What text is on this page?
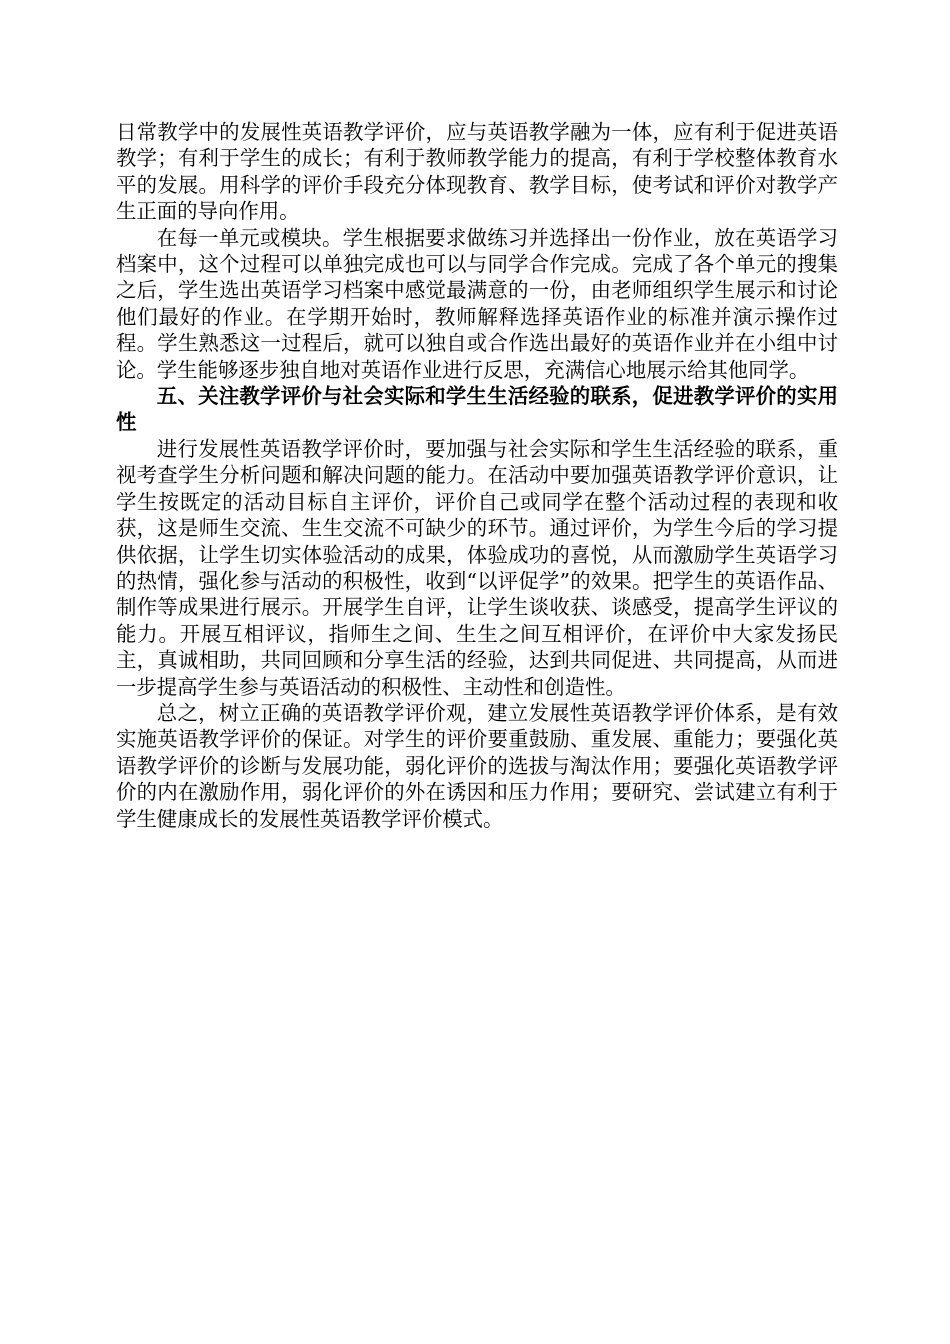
日常教学中的发展性英语教学评价，应与英语教学融为一体，应有利于促进英语教学；有利于学生的成长；有利于教师教学能力的提高，有利于学校整体教育水平的发展。用科学的评价手段充分体现教育、教学目标，使考试和评价对教学产生正面的导向作用。

在每一单元或模块。学生根据要求做练习并选择出一份作业，放在英语学习档案中，这个过程可以单独完成也可以与同学合作完成。完成了各个单元的搜集之后，学生选出英语学习档案中感觉最满意的一份，由老师组织学生展示和讨论他们最好的作业。在学期开始时，教师解释选择英语作业的标准并演示操作过程。学生熟悉这一过程后，就可以独自或合作选出最好的英语作业并在小组中讨论。学生能够逐步独自地对英语作业进行反思，充满信心地展示给其他同学。

五、关注教学评价与社会实际和学生生活经验的联系，促进教学评价的实用性

进行发展性英语教学评价时，要加强与社会实际和学生生活经验的联系，重视考查学生分析问题和解决问题的能力。在活动中要加强英语教学评价意识，让学生按既定的活动目标自主评价，评价自己或同学在整个活动过程的表现和收获，这是师生交流、生生交流不可缺少的环节。通过评价，为学生今后的学习提供依据，让学生切实体验活动的成果，体验成功的喜悦，从而激励学生英语学习的热情，强化参与活动的积极性，收到“以评促学”的效果。把学生的英语作品、制作等成果进行展示。开展学生自评，让学生谈收获、谈感受，提高学生评议的能力。开展互相评议，指师生之间、生生之间互相评价，在评价中大家发扬民主，真诚相助，共同回顾和分享生活的经验，达到共同促进、共同提高，从而进一步提高学生参与英语活动的积极性、主动性和创造性。

总之，树立正确的英语教学评价观，建立发展性英语教学评价体系，是有效实施英语教学评价的保证。对学生的评价要重鼓励、重发展、重能力；要强化英语教学评价的诊断与发展功能，弱化评价的选拔与淘汰作用；要强化英语教学评价的内在激励作用，弱化评价的外在诱因和压力作用；要研究、尝试建立有利于学生健康成长的发展性英语教学评价模式。
